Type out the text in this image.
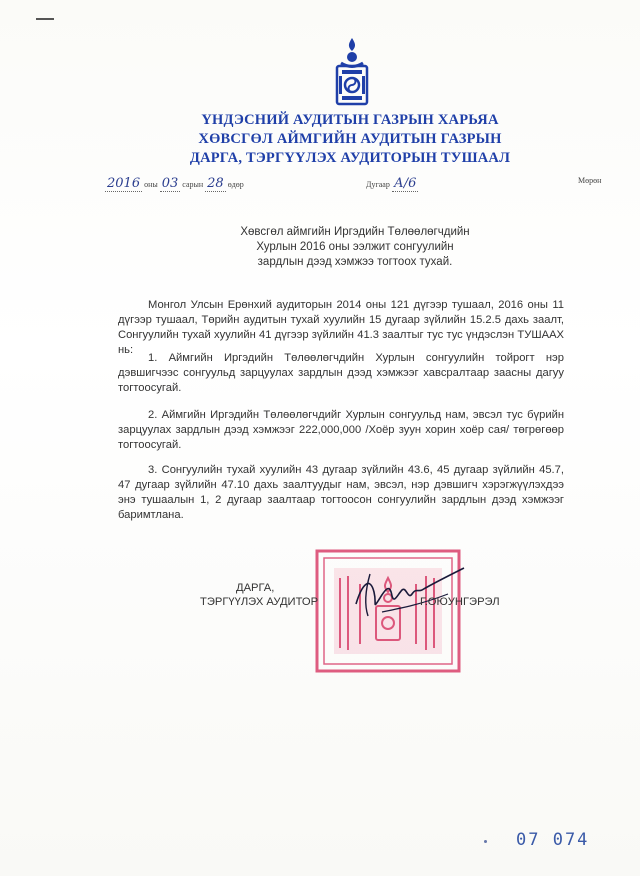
ҮНДЭСНИЙ АУДИТЫН ГАЗРЫН ХАРЬЯА
ХӨВСГӨЛ АЙМГИЙН АУДИТЫН ГАЗРЫН
ДАРГА, ТЭРГҮҮЛЭХ АУДИТОРЫН ТУШААЛ
2016 оны 03 сарын 28 өдөр	Дугаар А/6	Мөрөн
Хөвсгөл аймгийн Иргэдийн Төлөөлөгчдийн
Хурлын 2016 оны ээлжит сонгуулийн
зардлын дээд хэмжээ тогтоох тухай.
Монгол Улсын Ерөнхий аудиторын 2014 оны 121 дүгээр тушаал, 2016 оны 11 дүгээр тушаал, Төрийн аудитын тухай хуулийн 15 дугаар зүйлийн 15.2.5 дахь заалт, Сонгуулийн тухай хуулийн 41 дүгээр зүйлийн 41.3 заалтыг тус тус үндэслэн ТУШААХ нь:
1. Аймгийн Иргэдийн Төлөөлөгчдийн Хурлын сонгуулийн тойрогт нэр дэвшигчээс сонгуульд зарцуулах зардлын дээд хэмжээг хавсралтаар заасны дагуу тогтоосугай.
2. Аймгийн Иргэдийн Төлөөлөгчдийг Хурлын сонгуульд нам, эвсэл тус бүрийн зарцуулах зардлын дээд хэмжээг 222,000,000 /Хоёр зуун хорин хоёр сая/ төгрөгөөр тогтоосугай.
3. Сонгуулийн тухай хуулийн 43 дугаар зүйлийн 43.6, 45 дугаар зүйлийн 45.7, 47 дугаар зүйлийн 47.10 дахь заалтуудыг нам, эвсэл, нэр дэвшигч хэрэгжүүлэхдээ энэ тушаалын 1, 2 дугаар заалтаар тогтоосон сонгуулийн зардлын дээд хэмжээг баримтлана.
ДАРГА,
ТЭРГҮҮЛЭХ АУДИТОР	Г.ОЮУНГЭРЭЛ
07 074
